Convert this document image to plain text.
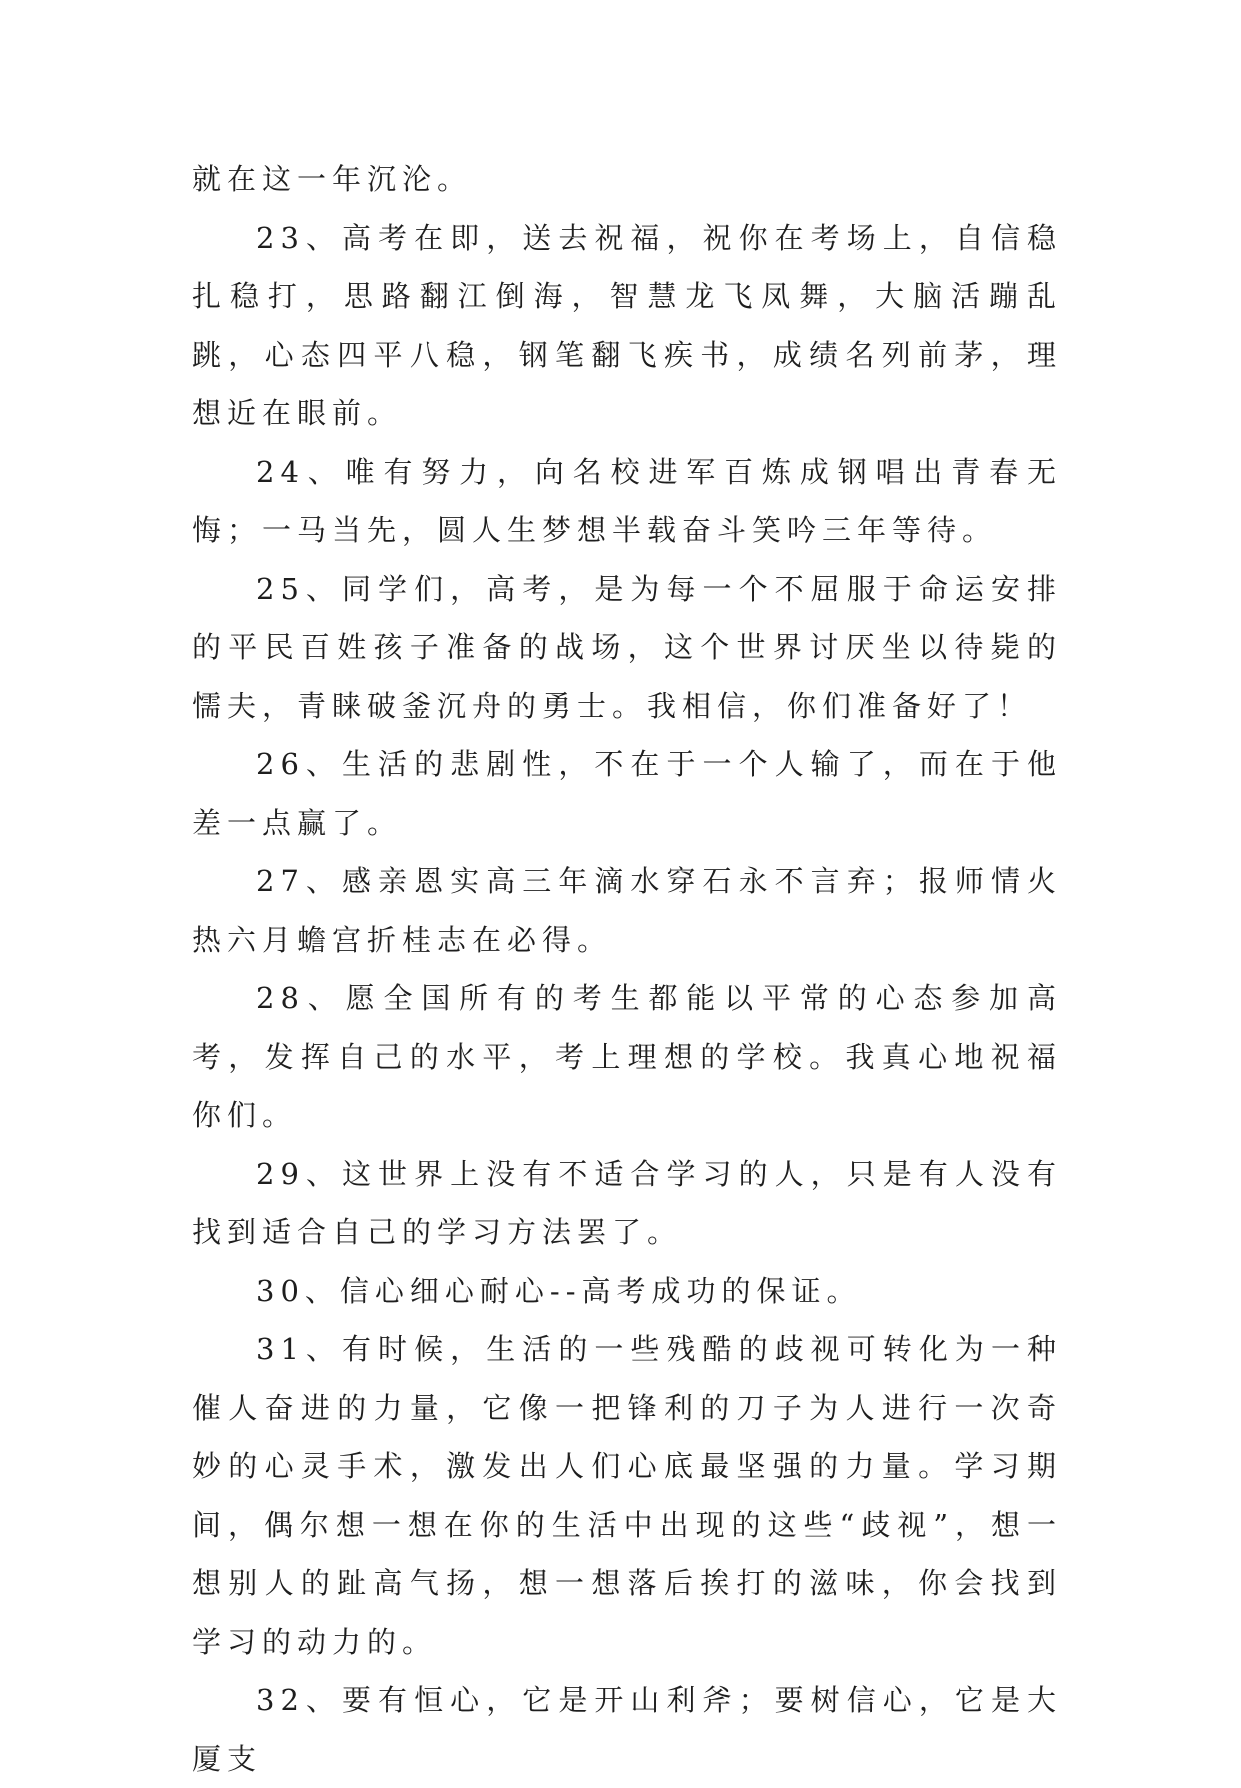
就在这一年沉沦。

23、高考在即，送去祝福，祝你在考场上，自信稳扎稳打，思路翻江倒海，智慧龙飞凤舞，大脑活蹦乱跳，心态四平八稳，钢笔翻飞疾书，成绩名列前茅，理想近在眼前。

24、唯有努力，向名校进军百炼成钢唱出青春无悔；一马当先，圆人生梦想半载奋斗笑吟三年等待。

25、同学们，高考，是为每一个不屈服于命运安排的平民百姓孩子准备的战场，这个世界讨厌坐以待毙的懦夫，青睐破釜沉舟的勇士。我相信，你们准备好了！

26、生活的悲剧性，不在于一个人输了，而在于他差一点赢了。

27、感亲恩实高三年滴水穿石永不言弃；报师情火热六月蟾宫折桂志在必得。

28、愿全国所有的考生都能以平常的心态参加高考，发挥自己的水平，考上理想的学校。我真心地祝福你们。

29、这世界上没有不适合学习的人，只是有人没有找到适合自己的学习方法罢了。

30、信心细心耐心--高考成功的保证。

31、有时候，生活的一些残酷的歧视可转化为一种催人奋进的力量，它像一把锋利的刀子为人进行一次奇妙的心灵手术，激发出人们心底最坚强的力量。学习期间，偶尔想一想在你的生活中出现的这些“歧视”，想一想别人的趾高气扬，想一想落后挨打的滋味，你会找到学习的动力的。

32、要有恒心，它是开山利斧；要树信心，它是大厦支
